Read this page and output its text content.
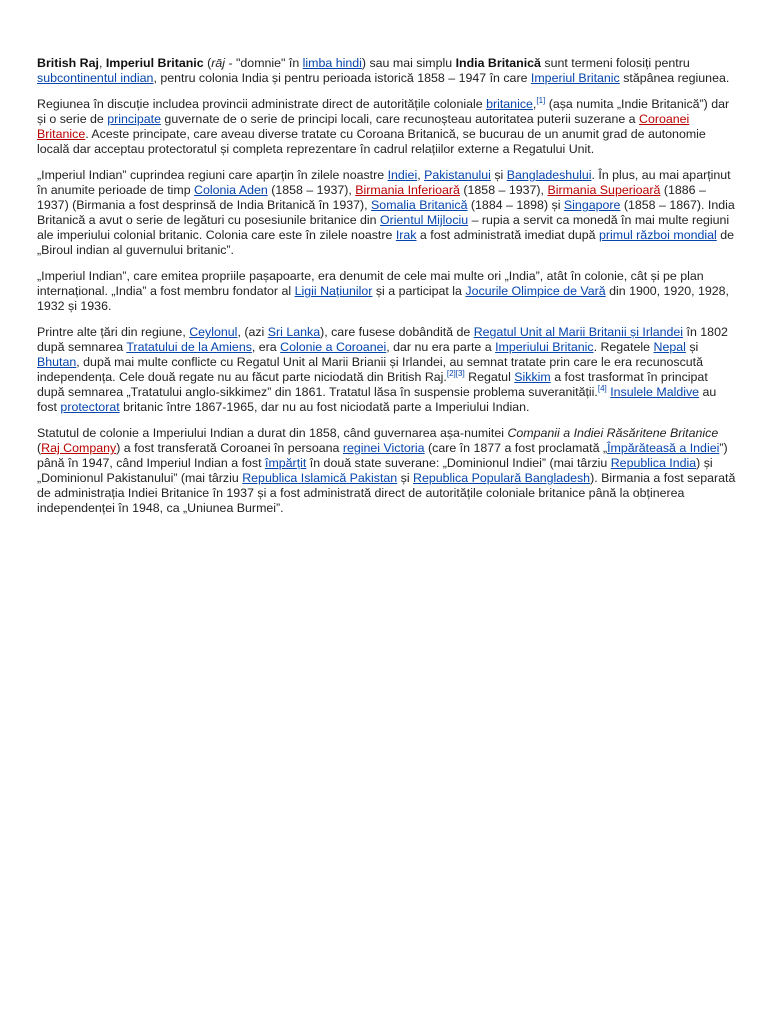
British Raj, Imperiul Britanic (rāj - "domnie" în limba hindi) sau mai simplu India Britanică sunt termeni folosiți pentru subcontinentul indian, pentru colonia India și pentru perioada istorică 1858 – 1947 în care Imperiul Britanic stăpânea regiunea.

Regiunea în discuție includea provincii administrate direct de autoritățile coloniale britanice,[1] (așa numita „Indie Britanică”) dar și o serie de principate guvernate de o serie de principi locali, care recunoșteau autoritatea puterii suzerane a Coroanei Britanice. Aceste principate, care aveau diverse tratate cu Coroana Britanică, se bucurau de un anumit grad de autonomie locală dar acceptau protectoratul și completa reprezentare în cadrul relațiilor externe a Regatului Unit.

„Imperiul Indian” cuprindea regiuni care aparțin în zilele noastre Indiei, Pakistanului și Bangladeshului. În plus, au mai aparținut în anumite perioade de timp Colonia Aden (1858 – 1937), Birmania Inferioară (1858 – 1937), Birmania Superioară (1886 – 1937) (Birmania a fost desprinsă de India Britanică în 1937), Somalia Britanică (1884 – 1898) și Singapore (1858 – 1867). India Britanică a avut o serie de legături cu posesiunile britanice din Orientul Mijlociu – rupia a servit ca monedă în mai multe regiuni ale imperiului colonial britanic. Colonia care este în zilele noastre Irak a fost administrată imediat după primul război mondial de „Biroul indian al guvernului britanic”.

„Imperiul Indian”, care emitea propriile pașapoarte, era denumit de cele mai multe ori „India”, atât în colonie, cât și pe plan internațional. „India” a fost membru fondator al Ligii Națiunilor și a participat la Jocurile Olimpice de Vară din 1900, 1920, 1928, 1932 și 1936.

Printre alte țări din regiune, Ceylonul, (azi Sri Lanka), care fusese dobândită de Regatul Unit al Marii Britanii și Irlandei în 1802 după semnarea Tratatului de la Amiens, era Colonie a Coroanei, dar nu era parte a Imperiului Britanic. Regatele Nepal și Bhutan, după mai multe conflicte cu Regatul Unit al Marii Brianii și Irlandei, au semnat tratate prin care le era recunoscută independența. Cele două regate nu au făcut parte niciodată din British Raj.[2][3] Regatul Sikkim a fost trasformat în principat după semnarea „Tratatului anglo-sikkimez” din 1861. Tratatul lăsa în suspensie problema suveranității.[4] Insulele Maldive au fost protectorat britanic între 1867-1965, dar nu au fost niciodată parte a Imperiului Indian.

Statutul de colonie a Imperiului Indian a durat din 1858, când guvernarea așa-numitei Companii a Indiei Răsăritene Britanice (Raj Company) a fost transferată Coroanei în persoana reginei Victoria (care în 1877 a fost proclamată „Împărăteasă a Indiei”) până în 1947, când Imperiul Indian a fost împărțit în două state suverane: „Dominionul Indiei” (mai târziu Republica India) și „Dominionul Pakistanului” (mai târziu Republica Islamică Pakistan și Republica Populară Bangladesh). Birmania a fost separată de administrația Indiei Britanice în 1937 și a fost administrată direct de autoritățile coloniale britanice până la obținerea independenței în 1948, ca „Uniunea Burmei”.
